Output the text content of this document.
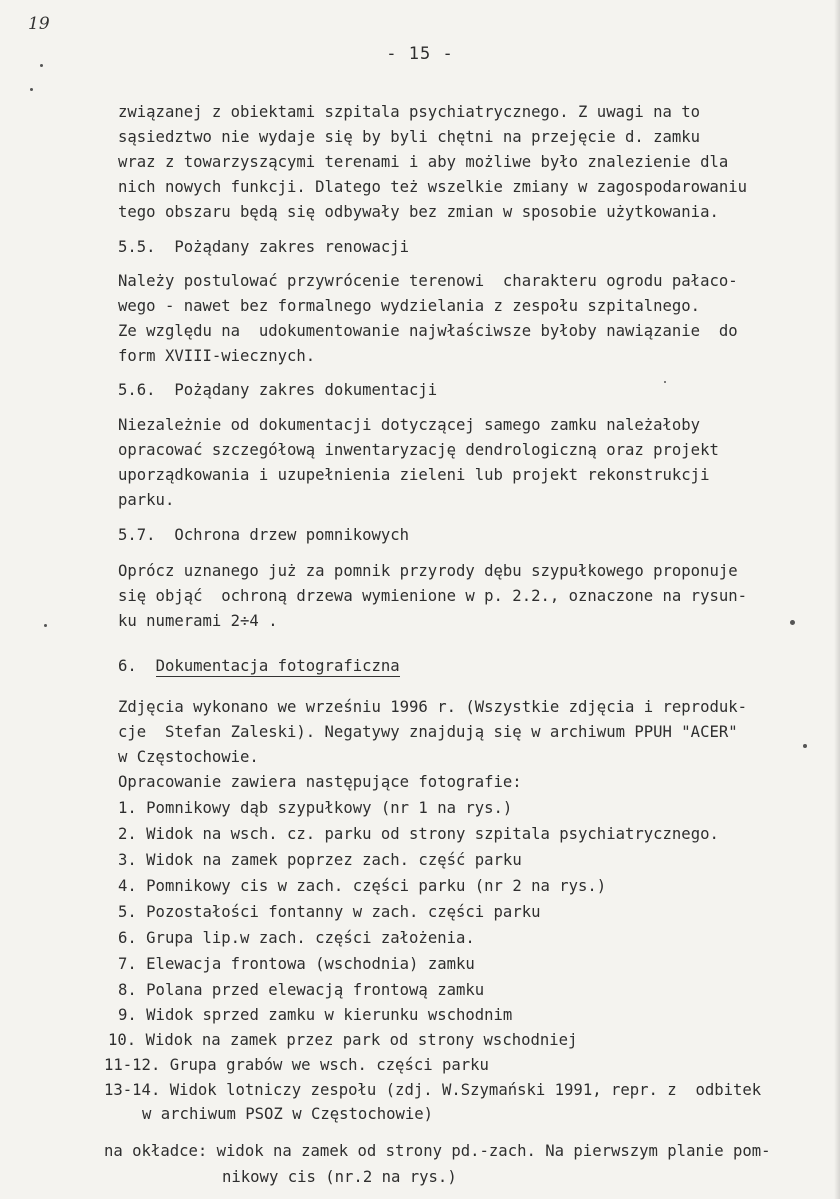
19
- 15 -
związanej z obiektami szpitala psychiatrycznego. Z uwagi na to
sąsiedztwo nie wydaje się by byli chętni na przejęcie d. zamku
wraz z towarzyszącymi terenami i aby możliwe było znalezienie dla
nich nowych funkcji. Dlatego też wszelkie zmiany w zagospodarowaniu
tego obszaru będą się odbywały bez zmian w sposobie użytkowania.
5.5.  Pożądany zakres renowacji
Należy postulować przywrócenie terenowi  charakteru ogrodu pałaco-
wego - nawet bez formalnego wydzielania z zespołu szpitalnego.
Ze względu na  udokumentowanie najwłaściwsze byłoby nawiązanie  do
form XVIII-wiecznych.
5.6.  Pożądany zakres dokumentacji
Niezależnie od dokumentacji dotyczącej samego zamku należałoby
opracować szczegółową inwentaryzację dendrologiczną oraz projekt
uporządkowania i uzupełnienia zieleni lub projekt rekonstrukcji
parku.
5.7.  Ochrona drzew pomnikowych
Oprócz uznanego już za pomnik przyrody dębu szypułkowego proponuje
się objąć  ochroną drzewa wymienione w p. 2.2., oznaczone na rysun-
ku numerami 2÷4 .
6. Dokumentacja fotograficzna
Zdjęcia wykonano we wrześniu 1996 r. (Wszystkie zdjęcia i reproduk-
cje  Stefan Zaleski). Negatywy znajdują się w archiwum PPUH "ACER"
w Częstochowie.
Opracowanie zawiera następujące fotografie:
1. Pomnikowy dąb szypułkowy (nr 1 na rys.)
2. Widok na wsch. cz. parku od strony szpitala psychiatrycznego.
3. Widok na zamek poprzez zach. część parku
4. Pomnikowy cis w zach. części parku (nr 2 na rys.)
5. Pozostałości fontanny w zach. części parku
6. Grupa lip.w zach. części założenia.
7. Elewacja frontowa (wschodnia) zamku
8. Polana przed elewacją frontową zamku
9. Widok sprzed zamku w kierunku wschodnim
10. Widok na zamek przez park od strony wschodniej
11-12. Grupa grabów we wsch. części parku
13-14. Widok lotniczy zespołu (zdj. W.Szymański 1991, repr. z  odbitek
w archiwum PSOZ w Częstochowie)
na okładce: widok na zamek od strony pd.-zach. Na pierwszym planie pom-
nikowy cis (nr.2 na rys.)
